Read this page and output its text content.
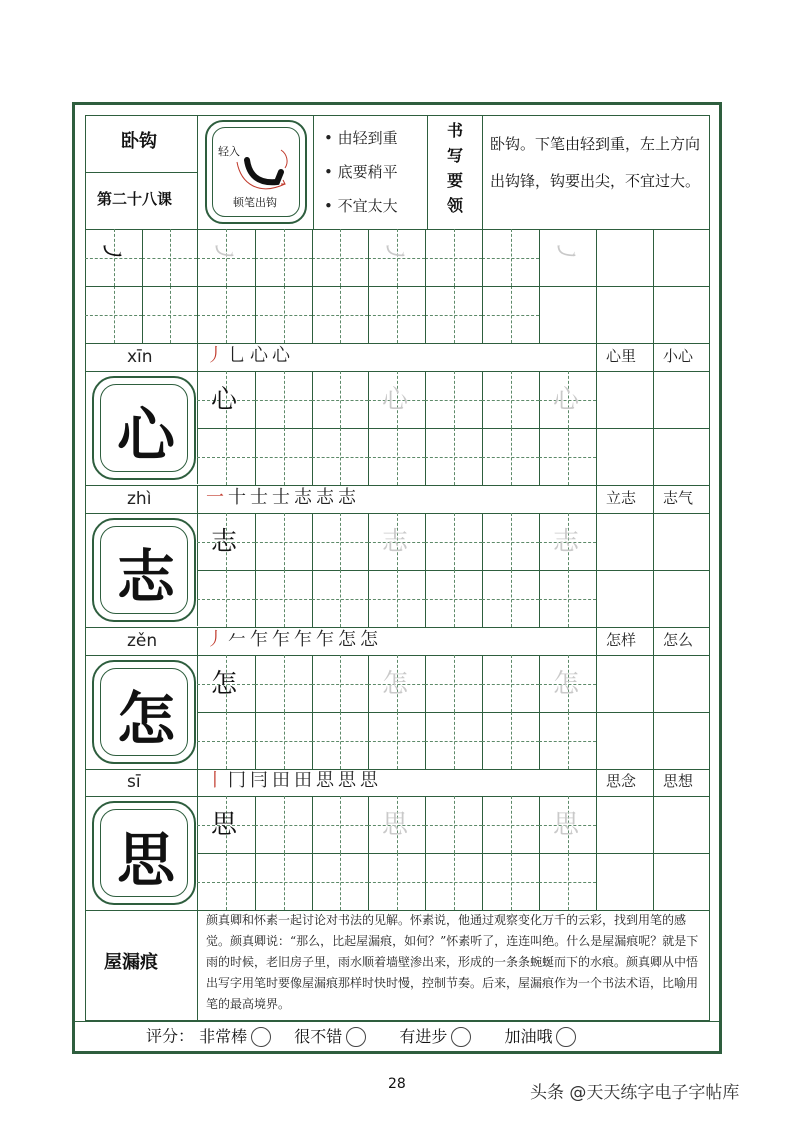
卧钩
第二十八课
轻入
顿笔出钩
• 由轻到重
• 底要稍平
• 不宜太大
书
写
要
领
卧钩。下笔由轻到重，左上方向出钩锋，钩要出尖，不宜过大。
㇃	㇃	㇃	㇃
xīn	丿乚心心	心里 小心
心
心	心	心
zhì	一十士士志志志	立志 志气
志
志	志	志
zěn	丿𠂉乍乍乍乍怎怎	怎样 怎么
怎
怎	怎	怎
sī	丨冂冃田田思思思	思念 思想
思
思	思	思
屋漏痕
颜真卿和怀素一起讨论对书法的见解。怀素说，他通过观察变化万千的云彩，找到用笔的感觉。颜真卿说：“那么，比起屋漏痕，如何？”怀素听了，连连叫绝。什么是屋漏痕呢？就是下雨的时候，老旧房子里，雨水顺着墙壁渗出来，形成的一条条蜿蜒而下的水痕。颜真卿从中悟出写字用笔时要像屋漏痕那样时快时慢，控制节奏。后来，屋漏痕作为一个书法术语，比喻用笔的最高境界。
评分： 非常棒	很不错	有进步	加油哦
28	头条 @天天练字电子字帖库
